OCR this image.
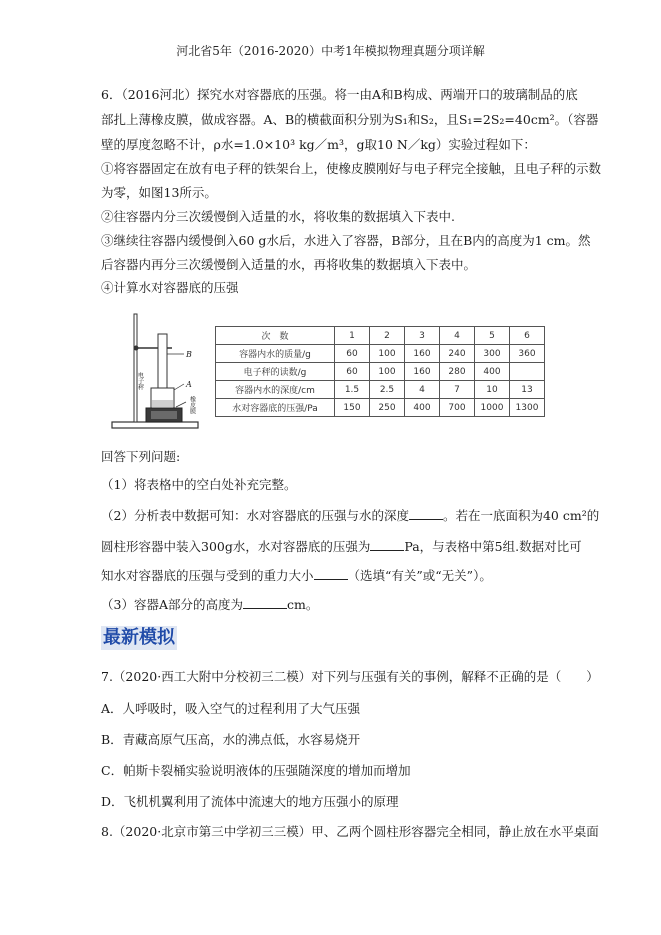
河北省5年（2016-2020）中考1年模拟物理真题分项详解
6．（2016河北）探究水对容器底的压强。将一由A和B构成、两端开口的玻璃制品的底
部扎上薄橡皮膜，做成容器。A、B的横截面积分别为S₁和S₂，且S₁=2S₂=40cm²。（容器
壁的厚度忽略不计，ρ水=1.0×10³ kg／m³，g取10 N／kg）实验过程如下：
①将容器固定在放有电子秤的铁架台上，使橡皮膜刚好与电子秤完全接触，且电子秤的示数
为零，如图13所示。
②往容器内分三次缓慢倒入适量的水，将收集的数据填入下表中.
③继续往容器内缓慢倒入60 g水后，水进入了容器，B部分，且在B内的高度为1 cm。然
后容器内再分三次缓慢倒入适量的水，再将收集的数据填入下表中。
④计算水对容器底的压强
B
A
电子秤
橡皮膜
次　数	1	2	3	4	5	6
容器内水的质量/g	60	100	160	240	300	360
电子秤的读数/g	60	100	160	280	400	
容器内水的深度/cm	1.5	2.5	4	7	10	13
水对容器底的压强/Pa	150	250	400	700	1000	1300
回答下列问题:
（1）将表格中的空白处补充完整。
（2）分析表中数据可知：水对容器底的压强与水的深度	。若在一底面积为40 cm²的
圆柱形容器中装入300g水，水对容器底的压强为	Pa，与表格中第5组.数据对比可
知水对容器底的压强与受到的重力大小	（选填“有关”或“无关”）。
（3）容器A部分的高度为	cm。
最新模拟
7.（2020·西工大附中分校初三二模）对下列与压强有关的事例，解释不正确的是（　　）
A．人呼吸时，吸入空气的过程利用了大气压强
B．青藏高原气压高，水的沸点低，水容易烧开
C．帕斯卡裂桶实验说明液体的压强随深度的增加而增加
D．飞机机翼利用了流体中流速大的地方压强小的原理
8.（2020·北京市第三中学初三三模）甲、乙两个圆柱形容器完全相同，静止放在水平桌面
